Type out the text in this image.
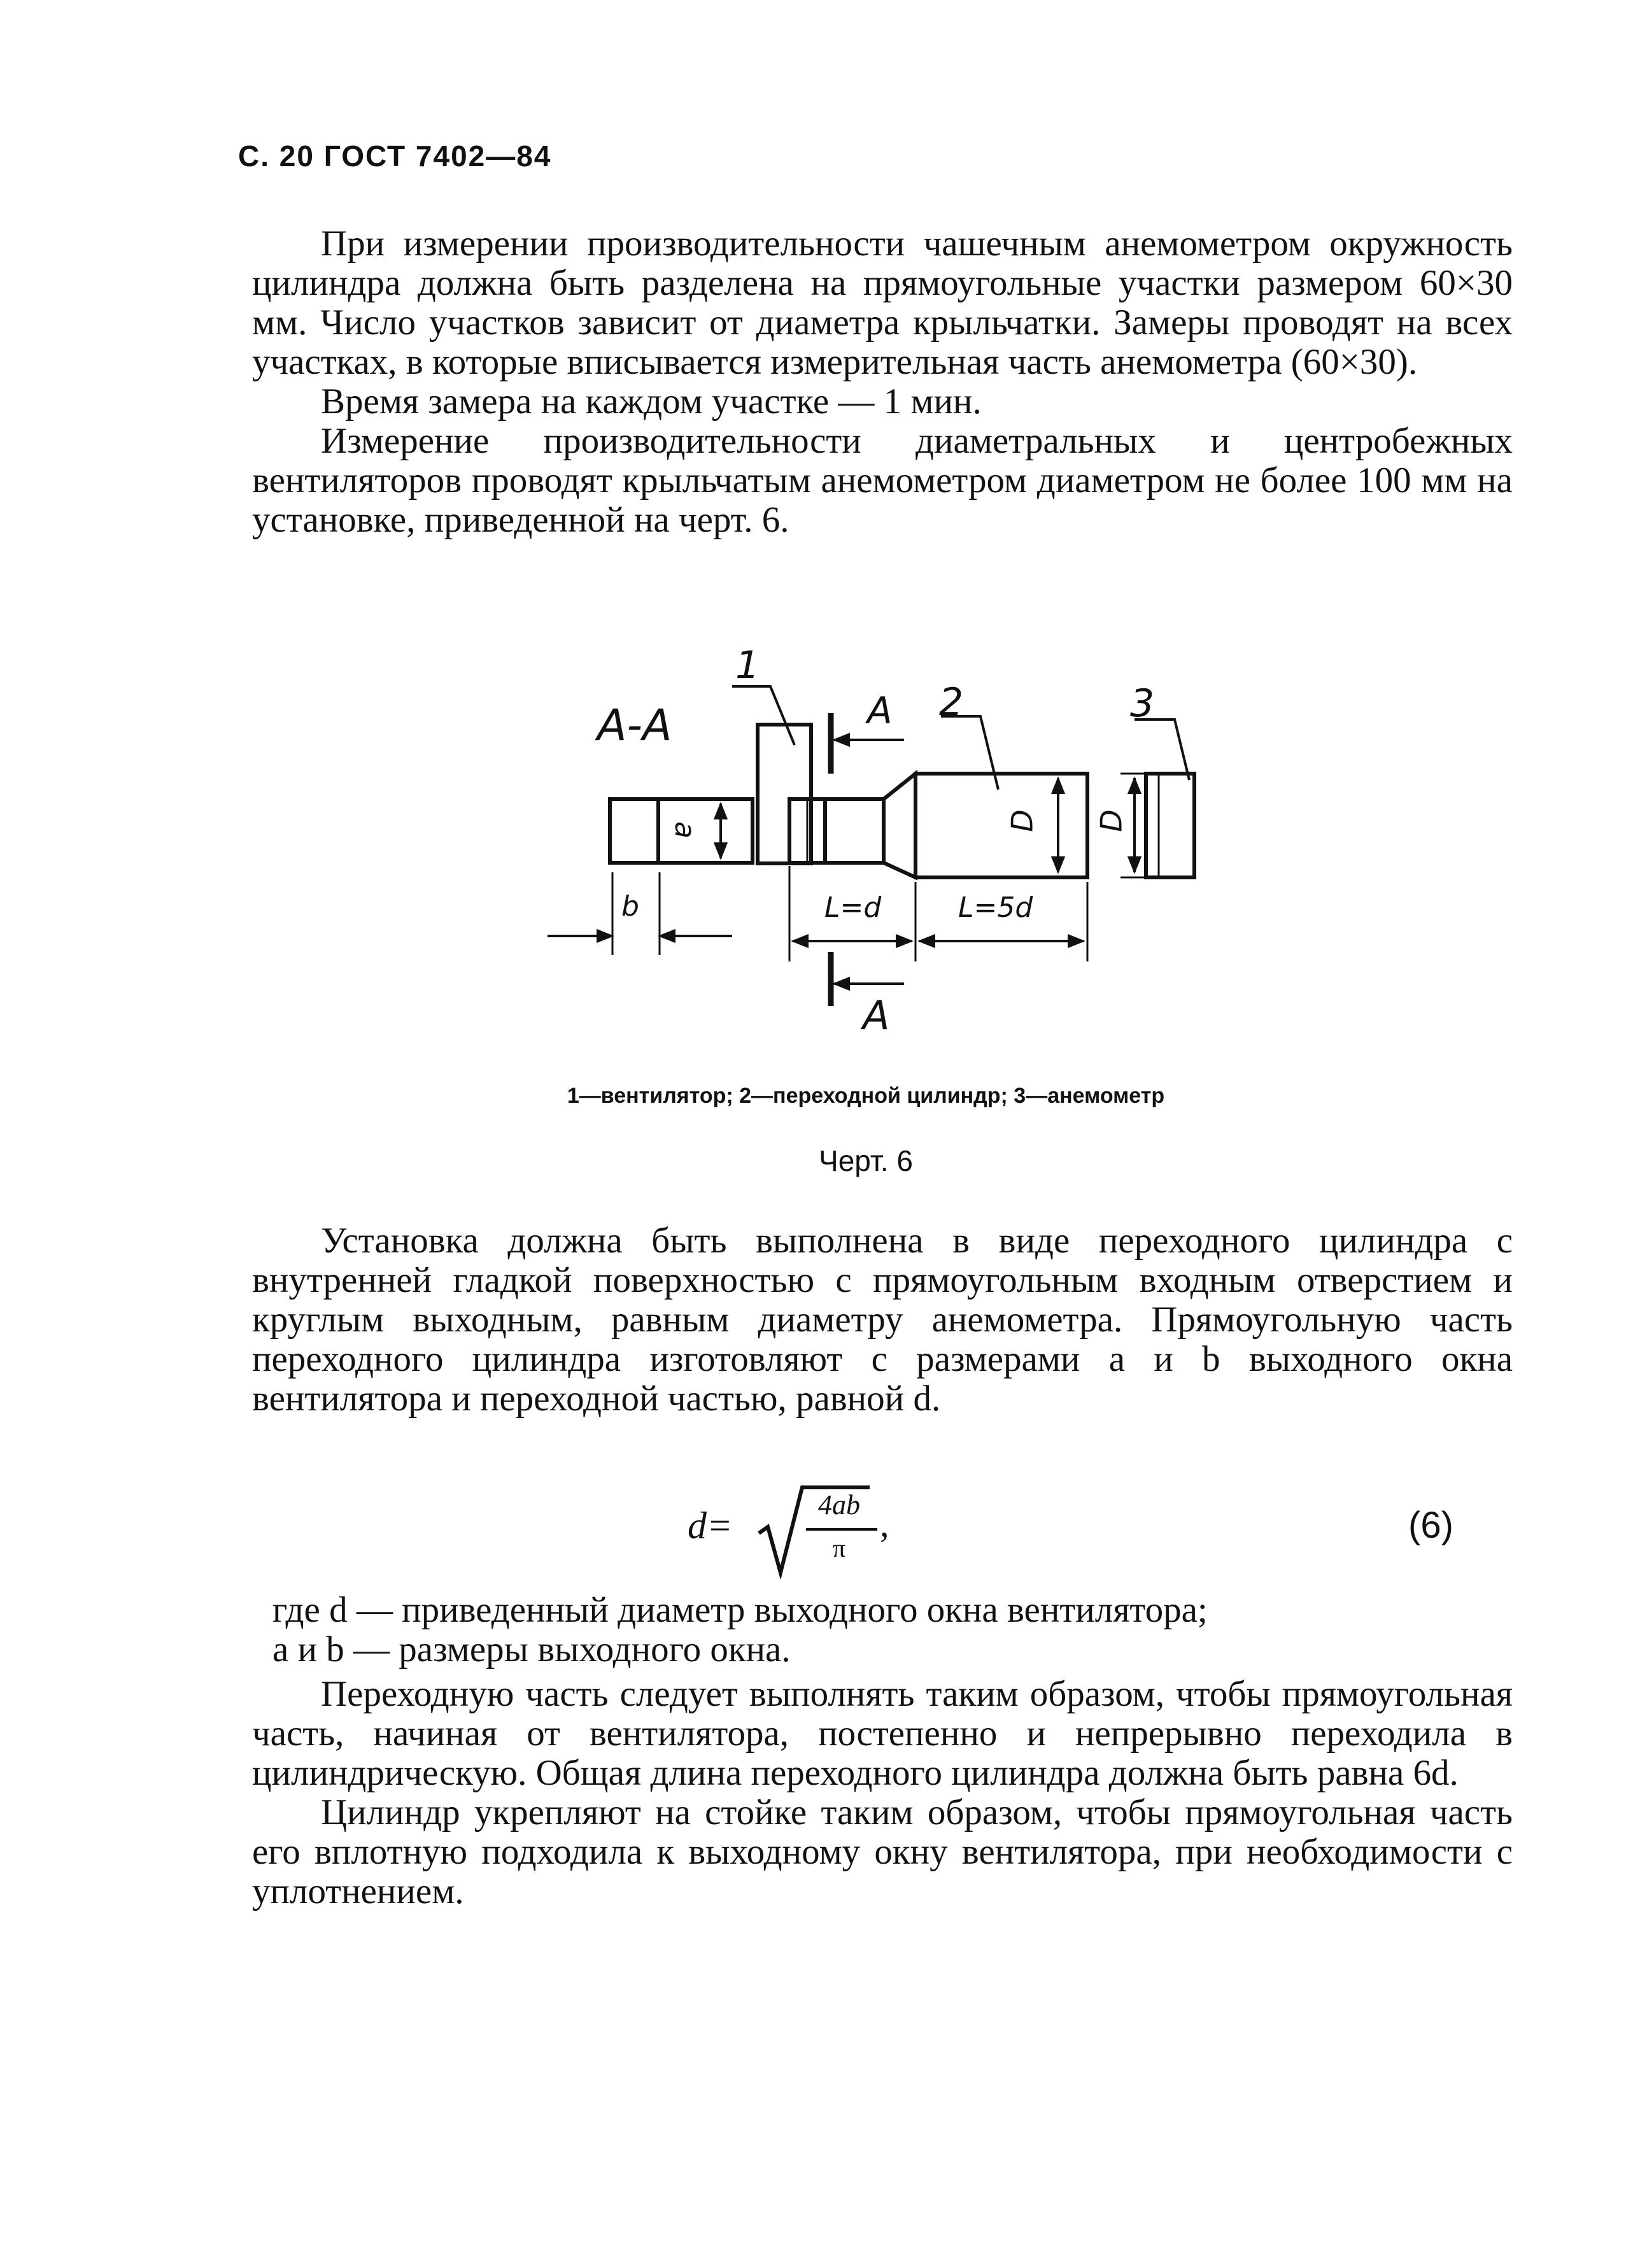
С. 20 ГОСТ 7402—84

При измерении производительности чашечным анемометром окружность цилиндра должна быть разделена на прямоугольные участки размером 60×30 мм. Число участков зависит от диаметра крыльчатки. Замеры проводят на всех участках, в которые вписывается измерительная часть анемометра (60×30).

Время замера на каждом участке — 1 мин.

Измерение производительности диаметральных и центробежных вентиляторов проводят крыльчатым анемометром диаметром не более 100 мм на установке, приведенной на черт. 6.

А-А
1
2	3
А
А
a
b
D D
L=d	L=5d
1—вентилятор; 2—переходной цилиндр; 3—анемометр
Черт. 6

Установка должна быть выполнена в виде переходного цилиндра с внутренней гладкой поверхностью с прямоугольным входным отверстием и круглым выходным, равным диаметру анемометра. Прямоугольную часть переходного цилиндра изготовляют с размерами a и b выходного окна вентилятора и переходной частью, равной d.

d=	4ab
π
,	(6)

где d — приведенный диаметр выходного окна вентилятора;

a и b — размеры выходного окна.

Переходную часть следует выполнять таким образом, чтобы прямоугольная часть, начиная от вентилятора, постепенно и непрерывно переходила в цилиндрическую. Общая длина переходного цилиндра должна быть равна 6d.

Цилиндр укрепляют на стойке таким образом, чтобы прямоугольная часть его вплотную подходила к выходному окну вентилятора, при необходимости с уплотнением.
